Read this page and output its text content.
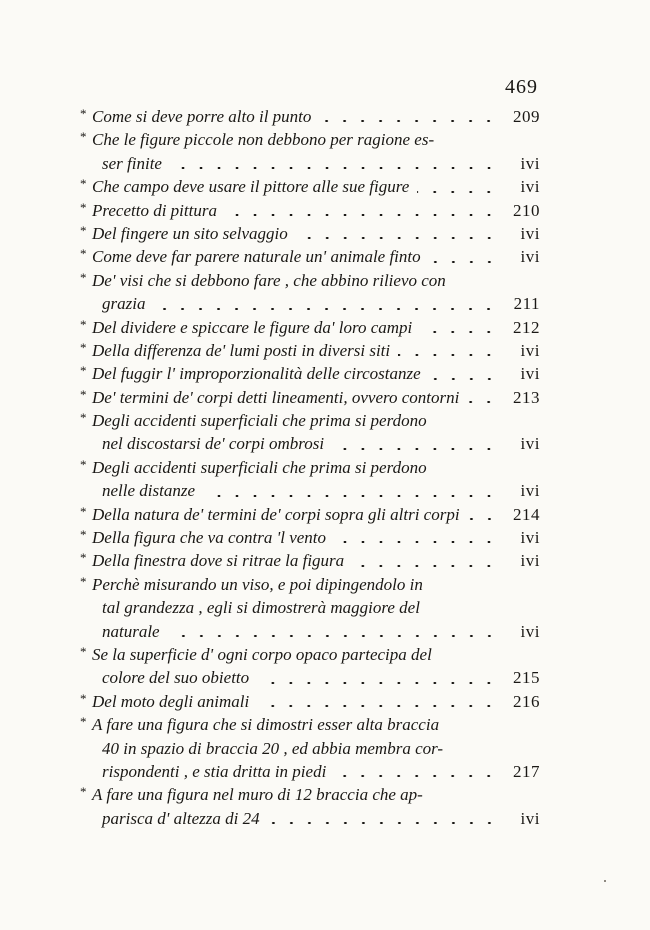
469
* Come si deve porre alto il punto	209
* Che le figure piccole non debbono per ragione es-
ser finite	ivi
* Che campo deve usare il pittore alle sue figure	ivi
* Precetto di pittura	210
* Del fingere un sito selvaggio	ivi
* Come deve far parere naturale un' animale finto	ivi
* De' visi che si debbono fare , che abbino rilievo con
grazia	211
* Del dividere e spiccare le figure da' loro campi	212
* Della differenza de' lumi posti in diversi siti	ivi
* Del fuggir l' improporzionalità delle circostanze	ivi
* De' termini de' corpi detti lineamenti, ovvero contorni	213
* Degli accidenti superficiali che prima si perdono
nel discostarsi de' corpi ombrosi	ivi
* Degli accidenti superficiali che prima si perdono
nelle distanze	ivi
* Della natura de' termini de' corpi sopra gli altri corpi	214
* Della figura che va contra 'l vento	ivi
* Della finestra dove si ritrae la figura	ivi
* Perchè misurando un viso, e poi dipingendolo in
tal grandezza , egli si dimostrerà maggiore del
naturale	ivi
* Se la superficie d' ogni corpo opaco partecipa del
colore del suo obietto	215
* Del moto degli animali	216
* A fare una figura che si dimostri esser alta braccia
40 in spazio di braccia 20 , ed abbia membra cor-
rispondenti , e stia dritta in piedi	217
* A fare una figura nel muro di 12 braccia che ap-
parisca d' altezza di 24	ivi
